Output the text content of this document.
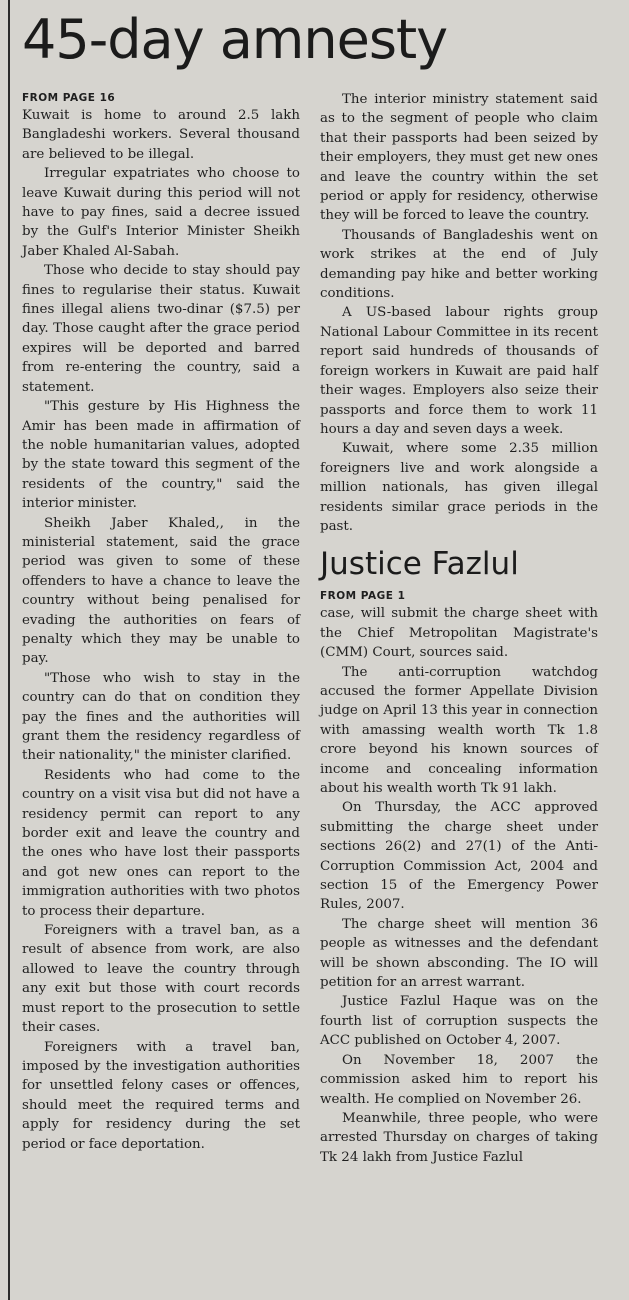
45-day amnesty
FROM PAGE 16

Kuwait is home to around 2.5 lakh Bangladeshi workers. Several thousand are believed to be illegal.

Irregular expatriates who choose to leave Kuwait during this period will not have to pay fines, said a decree issued by the Gulf's Interior Minister Sheikh Jaber Khaled Al-Sabah.

Those who decide to stay should pay fines to regularise their status. Kuwait fines illegal aliens two-dinar ($7.5) per day. Those caught after the grace period expires will be deported and barred from re-entering the country, said a statement.

"This gesture by His Highness the Amir has been made in affirmation of the noble humanitarian values, adopted by the state toward this segment of the residents of the country," said the interior minister.

Sheikh Jaber Khaled,, in the ministerial statement, said the grace period was given to some of these offenders to have a chance to leave the country without being penalised for evading the authorities on fears of penalty which they may be unable to pay.

"Those who wish to stay in the country can do that on condition they pay the fines and the authorities will grant them the residency regardless of their nationality," the minister clarified.

Residents who had come to the country on a visit visa but did not have a residency permit can report to any border exit and leave the country and the ones who have lost their passports and got new ones can report to the immigration authorities with two photos to process their departure.

Foreigners with a travel ban, as a result of absence from work, are also allowed to leave the country through any exit but those with court records must report to the prosecution to settle their cases.

Foreigners with a travel ban, imposed by the investigation authorities for unsettled felony cases or offences, should meet the required terms and apply for residency during the set period or face deportation.

The interior ministry statement said as to the segment of people who claim that their passports had been seized by their employers, they must get new ones and leave the country within the set period or apply for residency, otherwise they will be forced to leave the country.

Thousands of Bangladeshis went on work strikes at the end of July demanding pay hike and better working conditions.

A US-based labour rights group National Labour Committee in its recent report said hundreds of thousands of foreign workers in Kuwait are paid half their wages. Employers also seize their passports and force them to work 11 hours a day and seven days a week.

Kuwait, where some 2.35 million foreigners live and work alongside a million nationals, has given illegal residents similar grace periods in the past.

Justice Fazlul
FROM PAGE 1

case, will submit the charge sheet with the Chief Metropolitan Magistrate's (CMM) Court, sources said.

The anti-corruption watchdog accused the former Appellate Division judge on April 13 this year in connection with amassing wealth worth Tk 1.8 crore beyond his known sources of income and concealing information about his wealth worth Tk 91 lakh.

On Thursday, the ACC approved submitting the charge sheet under sections 26(2) and 27(1) of the Anti-Corruption Commission Act, 2004 and section 15 of the Emergency Power Rules, 2007.

The charge sheet will mention 36 people as witnesses and the defendant will be shown absconding. The IO will petition for an arrest warrant.

Justice Fazlul Haque was on the fourth list of corruption suspects the ACC published on October 4, 2007.

On November 18, 2007 the commission asked him to report his wealth. He complied on November 26.

Meanwhile, three people, who were arrested Thursday on charges of taking Tk 24 lakh from Justice Fazlul
